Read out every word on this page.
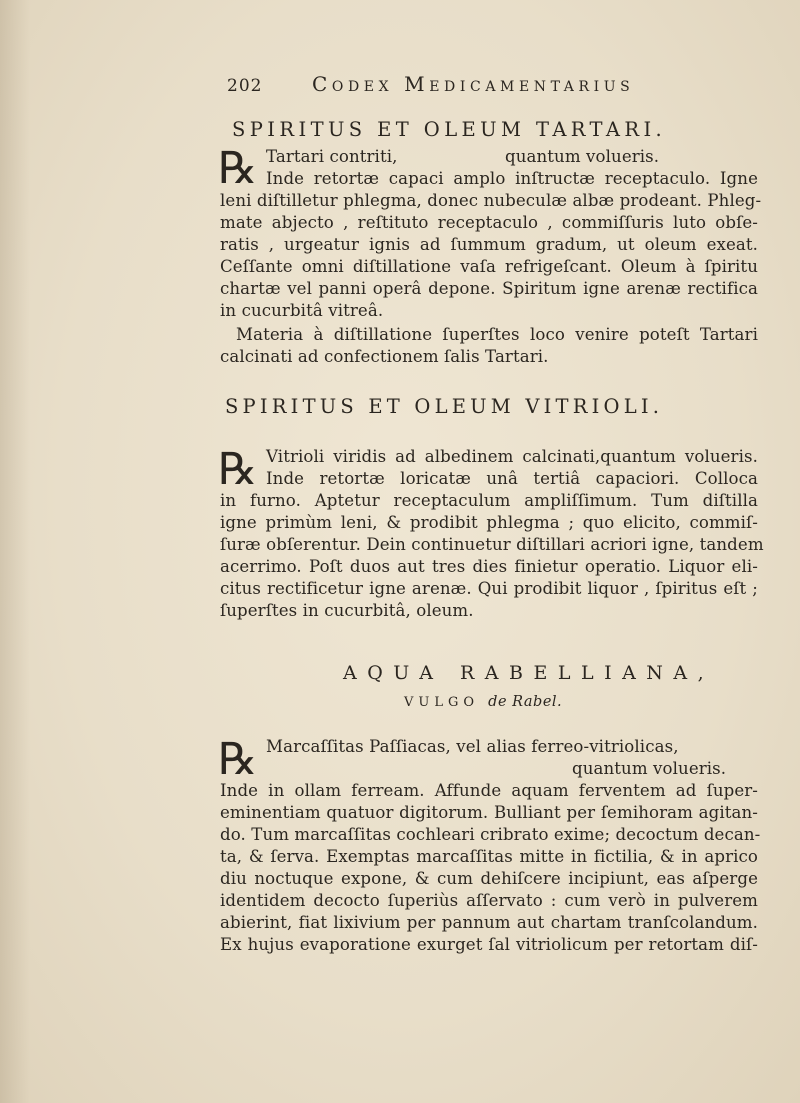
202 Codex Medicamentarius
SPIRITUS ET OLEUM TARTARI.
℞ Tartari contriti,                    quantum volueris.
Inde retortæ capaci amplo inſtructæ receptaculo. Igne
leni diſtilletur phlegma, donec nubeculæ albæ prodeant. Phleg-
mate abjecto , reſtituto receptaculo , commiſſuris luto obſe-
ratis , urgeatur ignis ad ſummum gradum, ut oleum exeat.
Ceſſante omni diſtillatione vaſa refrigeſcant. Oleum à ſpiritu
chartæ vel panni operâ depone. Spiritum igne arenæ rectifica
in cucurbitâ vitreâ.
Materia à diſtillatione ſuperſtes loco venire poteſt Tartari
calcinati ad confectionem ſalis Tartari.
SPIRITUS ET OLEUM VITRIOLI.
℞ Vitrioli viridis ad albedinem calcinati,quantum volueris.
Inde retortæ loricatæ unâ tertiâ capaciori. Colloca
in furno. Aptetur receptaculum ampliſſimum. Tum diſtilla
igne primùm leni, & prodibit phlegma ; quo elicito, commiſ-
ſuræ obſerentur. Dein continuetur diſtillari acriori igne, tandem
acerrimo. Poſt duos aut tres dies finietur operatio. Liquor eli-
citus rectificetur igne arenæ. Qui prodibit liquor , ſpiritus eſt ;
ſuperſtes in cucurbitâ, oleum.
AQUA RABELLIANA,
VULGO de Rabel.
℞ Marcaſſitas Paſſiacas, vel alias ferreo-vitriolicas,
quantum volueris.
Inde in ollam ferream. Affunde aquam ferventem ad ſuper-
eminentiam quatuor digitorum. Bulliant per ſemihoram agitan-
do. Tum marcaſſitas cochleari cribrato exime; decoctum decan-
ta, & ſerva. Exemptas marcaſſitas mitte in fictilia, & in aprico
diu noctuque expone, & cum dehiſcere incipiunt, eas aſperge
identidem decocto ſuperiùs aſſervato : cum verò in pulverem
abierint, fiat lixivium per pannum aut chartam tranſcolandum.
Ex hujus evaporatione exurget ſal vitriolicum per retortam diſ-
